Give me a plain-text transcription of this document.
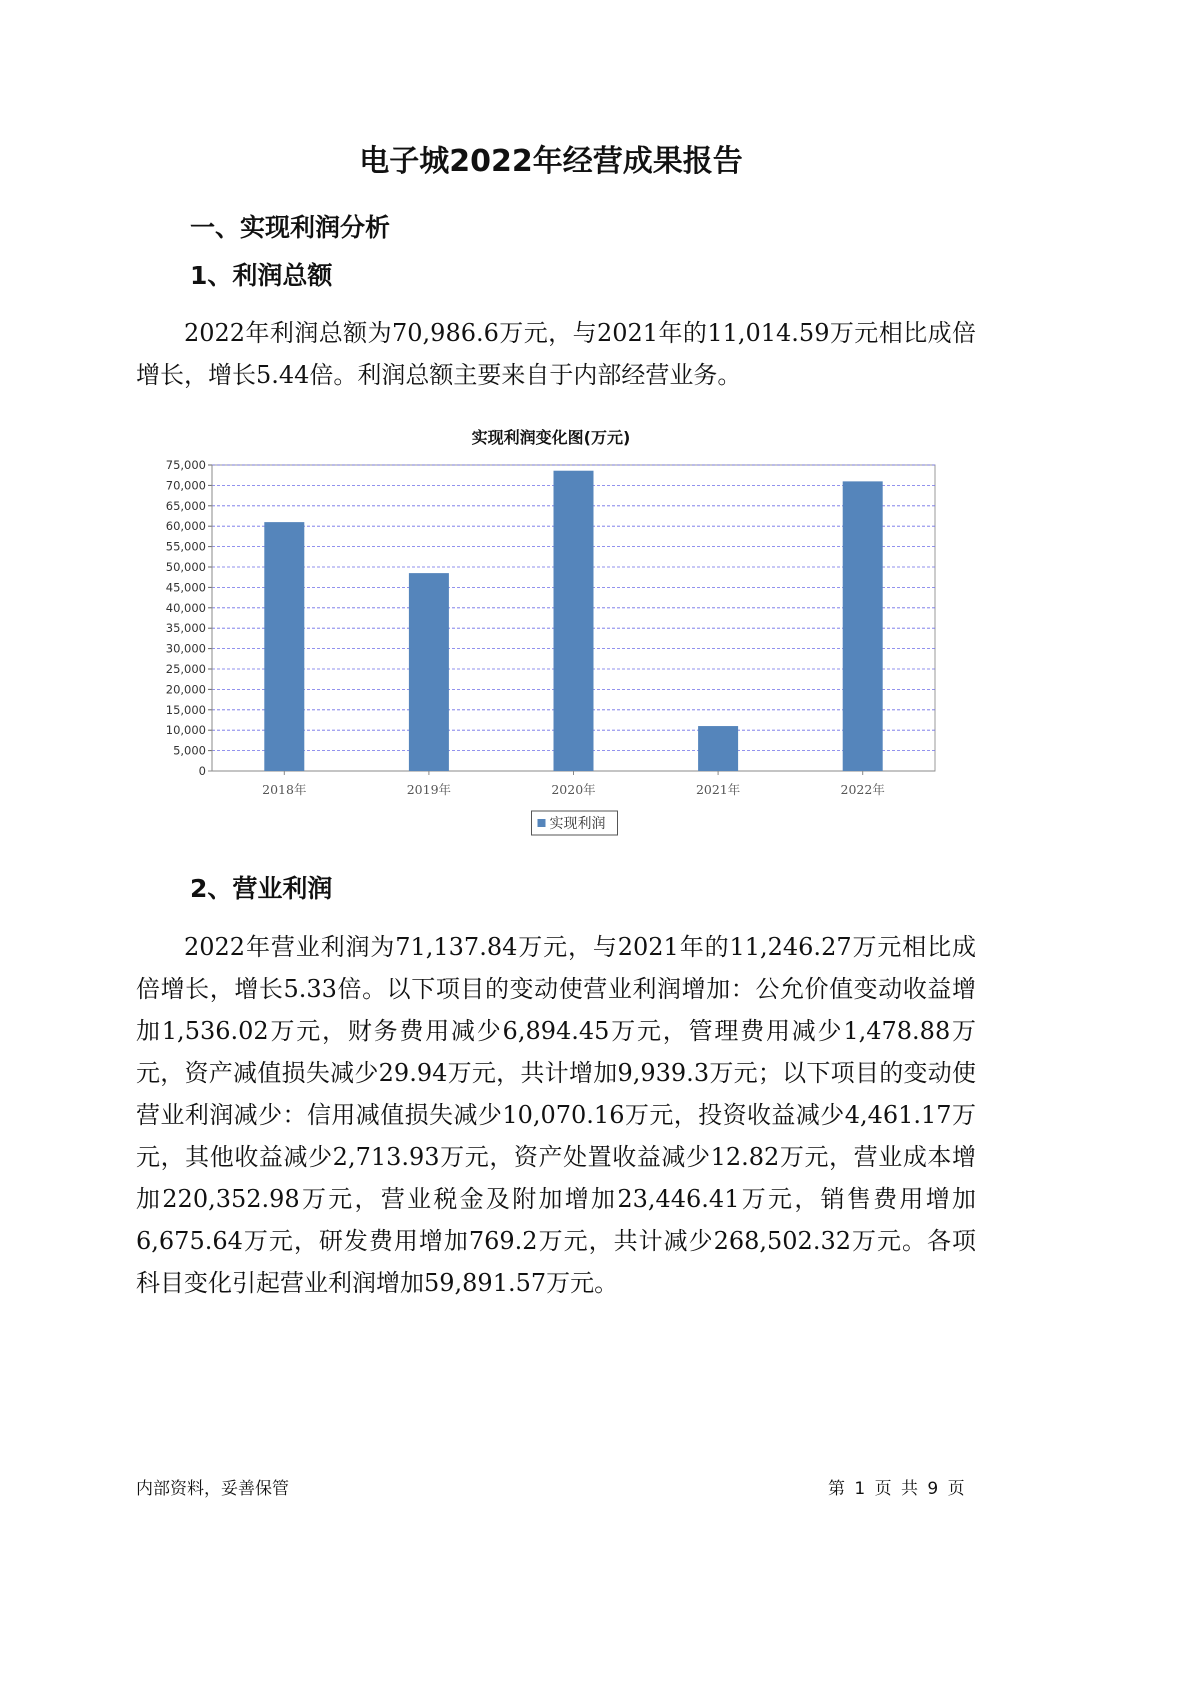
电子城2022年经营成果报告
一、实现利润分析
1、利润总额

2022年利润总额为70,986.6万元，与2021年的11,014.59万元相比成倍增长，增长5.44倍。利润总额主要来自于内部经营业务。

实现利润变化图(万元)
0
5,000
10,000
15,000
20,000
25,000
30,000
35,000
40,000
45,000
50,000
55,000
60,000
65,000
70,000
75,000
2018年	2019年	2020年	2021年	2022年
实现利润
2、营业利润

2022年营业利润为71,137.84万元，与2021年的11,246.27万元相比成倍增长，增长5.33倍。以下项目的变动使营业利润增加：公允价值变动收益增加1,536.02万元，财务费用减少6,894.45万元，管理费用减少1,478.88万元，资产减值损失减少29.94万元，共计增加9,939.3万元；以下项目的变动使营业利润减少：信用减值损失减少10,070.16万元，投资收益减少4,461.17万元，其他收益减少2,713.93万元，资产处置收益减少12.82万元，营业成本增加220,352.98万元，营业税金及附加增加23,446.41万元，销售费用增加6,675.64万元，研发费用增加769.2万元，共计减少268,502.32万元。各项科目变化引起营业利润增加59,891.57万元。

内部资料，妥善保管	第 1 页 共 9 页
